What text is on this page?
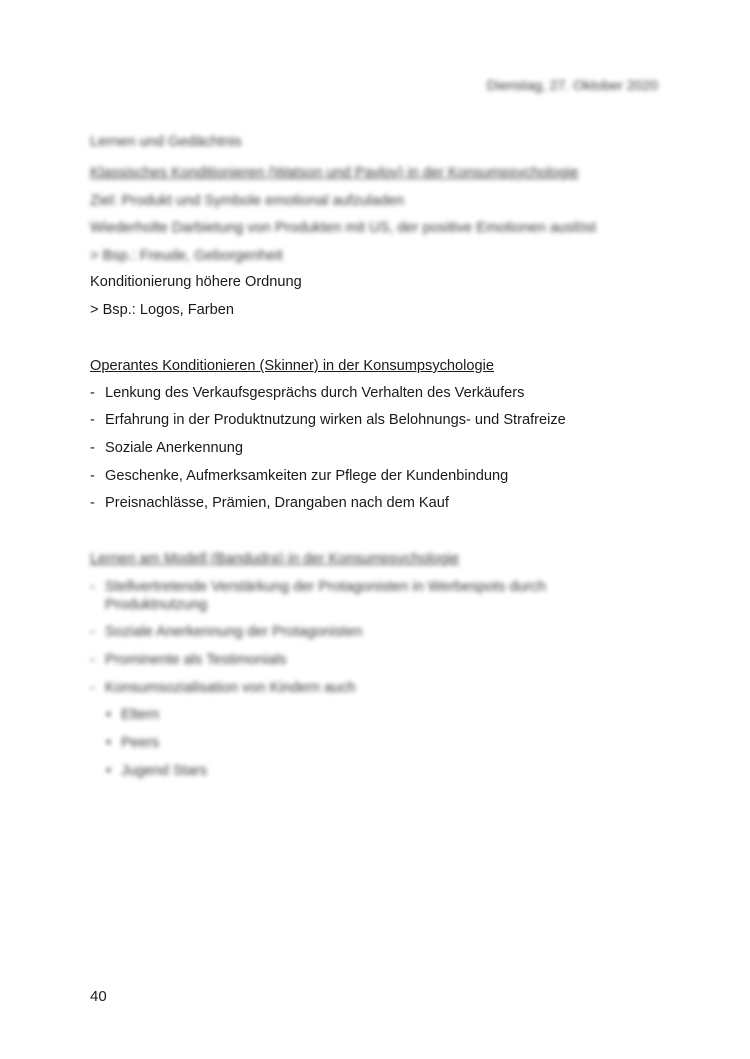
Dienstag, 27. Oktober 2020
Lernen und Gedächtnis
Klassisches Konditionieren (Watson und Pavlov) in der Konsumpsychologie
Ziel: Produkt und Symbole emotional aufzuladen
Wiederholte Darbietung von Produkten mit US, der positive Emotionen auslöst
> Bsp.: Freude, Geborgenheit
Konditionierung höhere Ordnung
> Bsp.: Logos, Farben
Operantes Konditionieren (Skinner) in der Konsumpsychologie
- Lenkung des Verkaufsgesprächs durch Verhalten des Verkäufers
- Erfahrung in der Produktnutzung wirken als Belohnungs- und Strafreize
- Soziale Anerkennung
- Geschenke, Aufmerksamkeiten zur Pflege der Kundenbindung
- Preisnachlässe, Prämien, Drangaben nach dem Kauf
Lernen am Modell (Bandudra) in der Konsumpsychologie
- Stellvertretende Verstärkung der Protagonisten in Werbespots durch
Produktnutzung
- Soziale Anerkennung der Protagonisten
- Prominente als Testimonials
- Konsumsozialisation von Kindern auch
• Eltern
• Peers
• Jugend Stars
40
